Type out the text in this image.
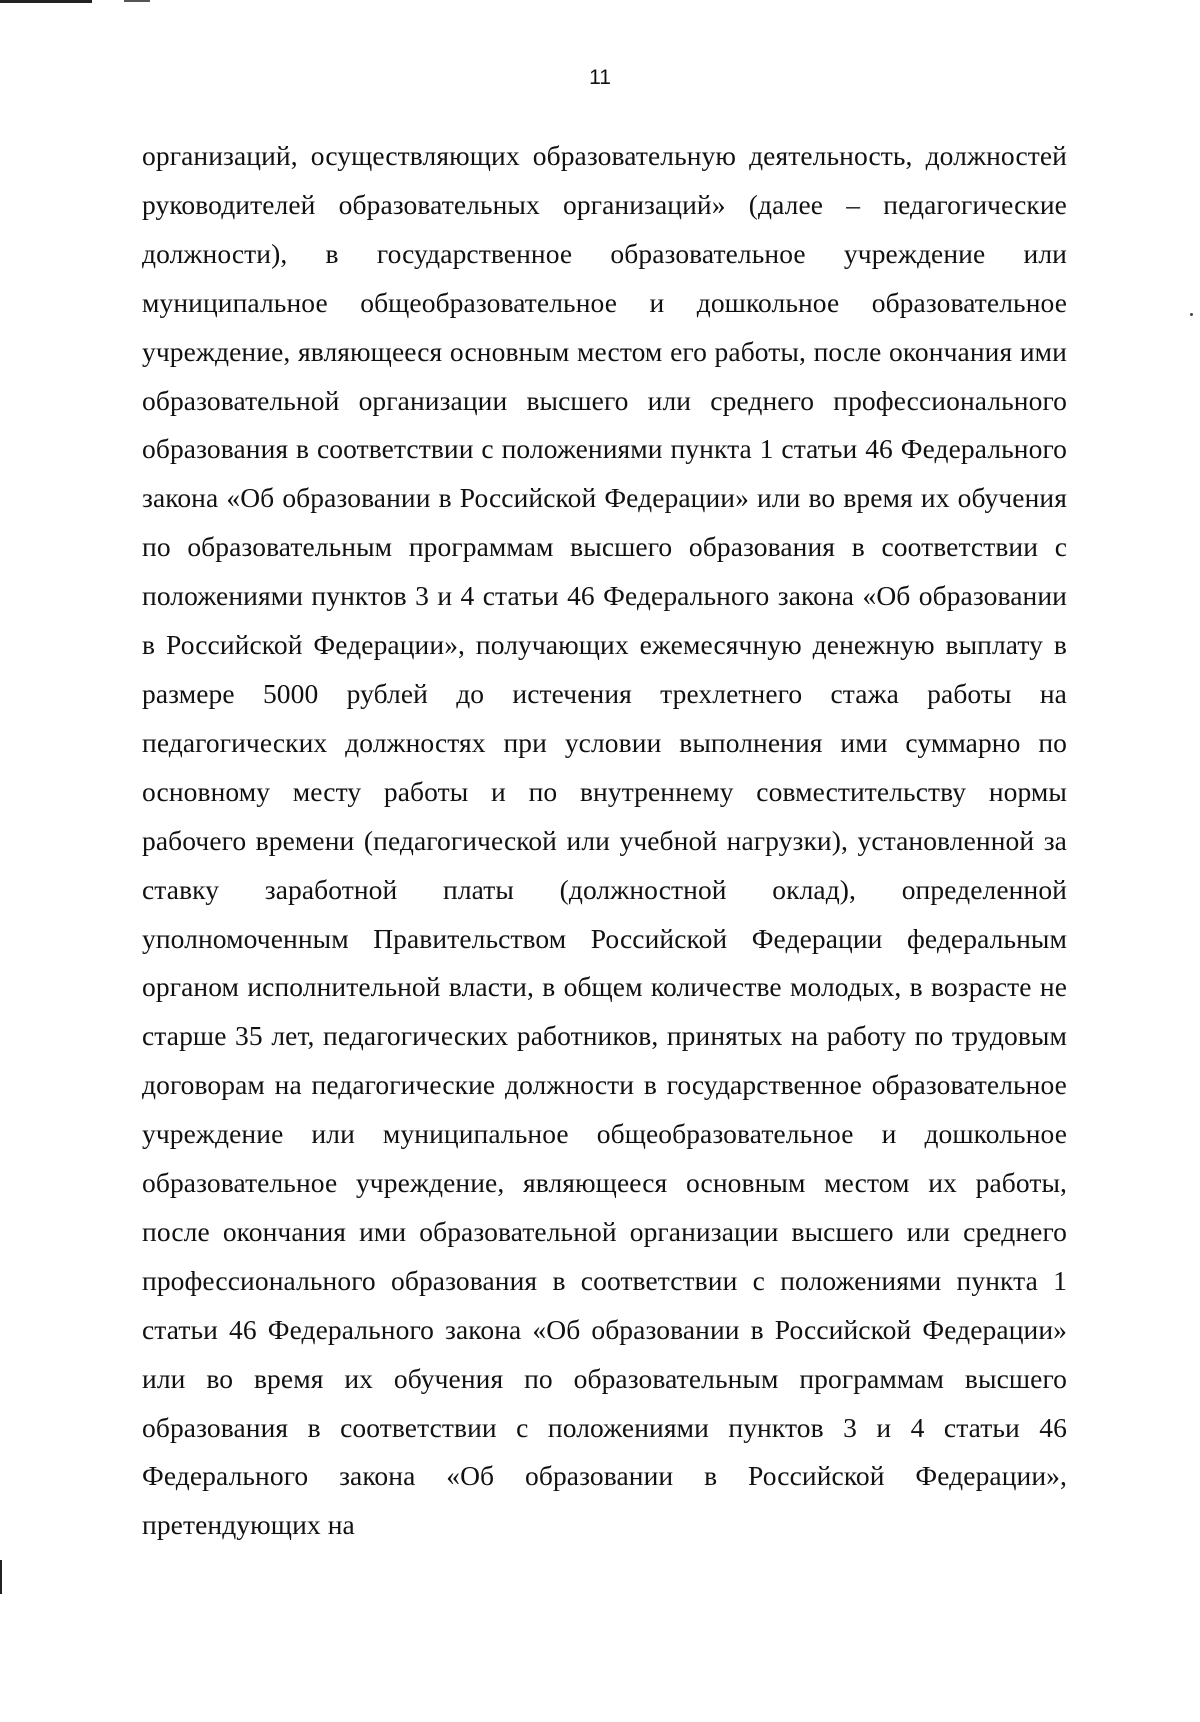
11

организаций, осуществляющих образовательную деятельность, должностей руководителей образовательных организаций» (далее – педагогические должности), в государственное образовательное учреждение или муниципальное общеобразовательное и дошкольное образовательное учреждение, являющееся основным местом его работы, после окончания ими образовательной организации высшего или среднего профессионального образования в соответствии с положениями пункта 1 статьи 46 Федерального закона «Об образовании в Российской Федерации» или во время их обучения по образовательным программам высшего образования в соответствии с положениями пунктов 3 и 4 статьи 46 Федерального закона «Об образовании в Российской Федерации», получающих ежемесячную денежную выплату в размере 5000 рублей до истечения трехлетнего стажа работы на педагогических должностях при условии выполнения ими суммарно по основному месту работы и по внутреннему совместительству нормы рабочего времени (педагогической или учебной нагрузки), установленной за ставку заработной платы (должностной оклад), определенной уполномоченным Правительством Российской Федерации федеральным органом исполнительной власти, в общем количестве молодых, в возрасте не старше 35 лет, педагогических работников, принятых на работу по трудовым договорам на педагогические должности в государственное образовательное учреждение или муниципальное общеобразовательное и дошкольное образовательное учреждение, являющееся основным местом их работы, после окончания ими образовательной организации высшего или среднего профессионального образования в соответствии с положениями пункта 1 статьи 46 Федерального закона «Об образовании в Российской Федерации» или во время их обучения по образовательным программам высшего образования в соответствии с положениями пунктов 3 и 4 статьи 46 Федерального закона «Об образовании в Российской Федерации», претендующих на
